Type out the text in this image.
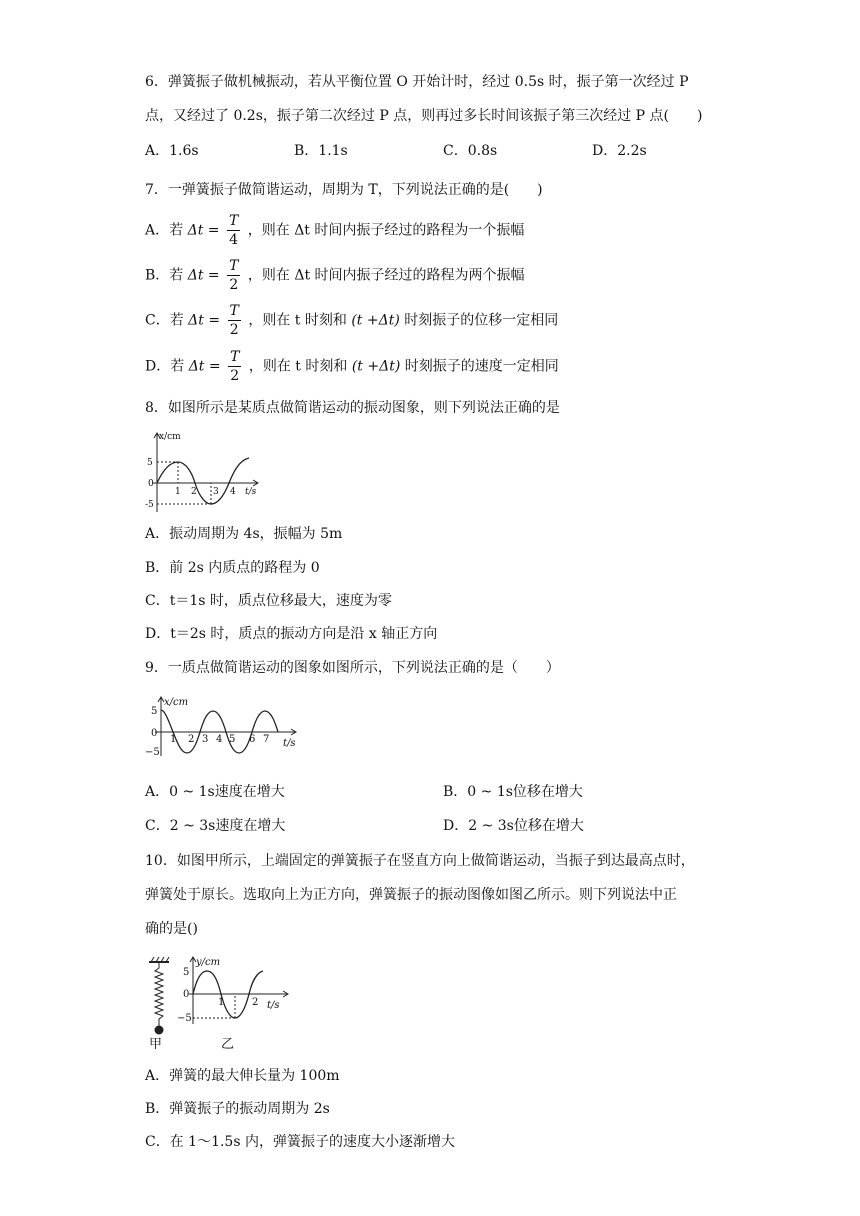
6．弹簧振子做机械振动，若从平衡位置 O 开始计时，经过 0.5s 时，振子第一次经过 P
点，又经过了 0.2s，振子第二次经过 P 点，则再过多长时间该振子第三次经过 P 点(　　)
A．1.6s	B．1.1s	C．0.8s	D．2.2s
7．一弹簧振子做简谐运动，周期为 T，下列说法正确的是(　　)
A．若 $\Delta t = \frac{T}{4}$ ，则在 Δt 时间内振子经过的路程为一个振幅
B．若 $\Delta t = \frac{T}{2}$ ，则在 Δt 时间内振子经过的路程为两个振幅
C．若 $\Delta t = \frac{T}{2}$ ，则在 t 时刻和 (t +Δt) 时刻振子的位移一定相同
D．若 $\Delta t = \frac{T}{2}$ ，则在 t 时刻和 (t +Δt) 时刻振子的速度一定相同
8．如图所示是某质点做简谐运动的振动图象，则下列说法正确的是
x/cm
5
0
-5
1 2 3 4 t/s
A．振动周期为 4s，振幅为 5m
B．前 2s 内质点的路程为 0
C．t＝1s 时，质点位移最大，速度为零
D．t＝2s 时，质点的振动方向是沿 x 轴正方向
9．一质点做简谐运动的图象如图所示，下列说法正确的是（　　）
x/cm
5
0
−5
1 2 3 4 5 6 7 t/s
A．0 ~ 1s速度在增大	B．0 ~ 1s位移在增大
C．2 ~ 3s速度在增大	D．2 ~ 3s位移在增大
10．如图甲所示，上端固定的弹簧振子在竖直方向上做简谐运动，当振子到达最高点时，
弹簧处于原长。选取向上为正方向，弹簧振子的振动图像如图乙所示。则下列说法中正
确的是()
y/cm
5
0
−5
1	2 t/s
甲	乙
A．弹簧的最大伸长量为 100m
B．弹簧振子的振动周期为 2s
C．在 1～1.5s 内，弹簧振子的速度大小逐渐增大
